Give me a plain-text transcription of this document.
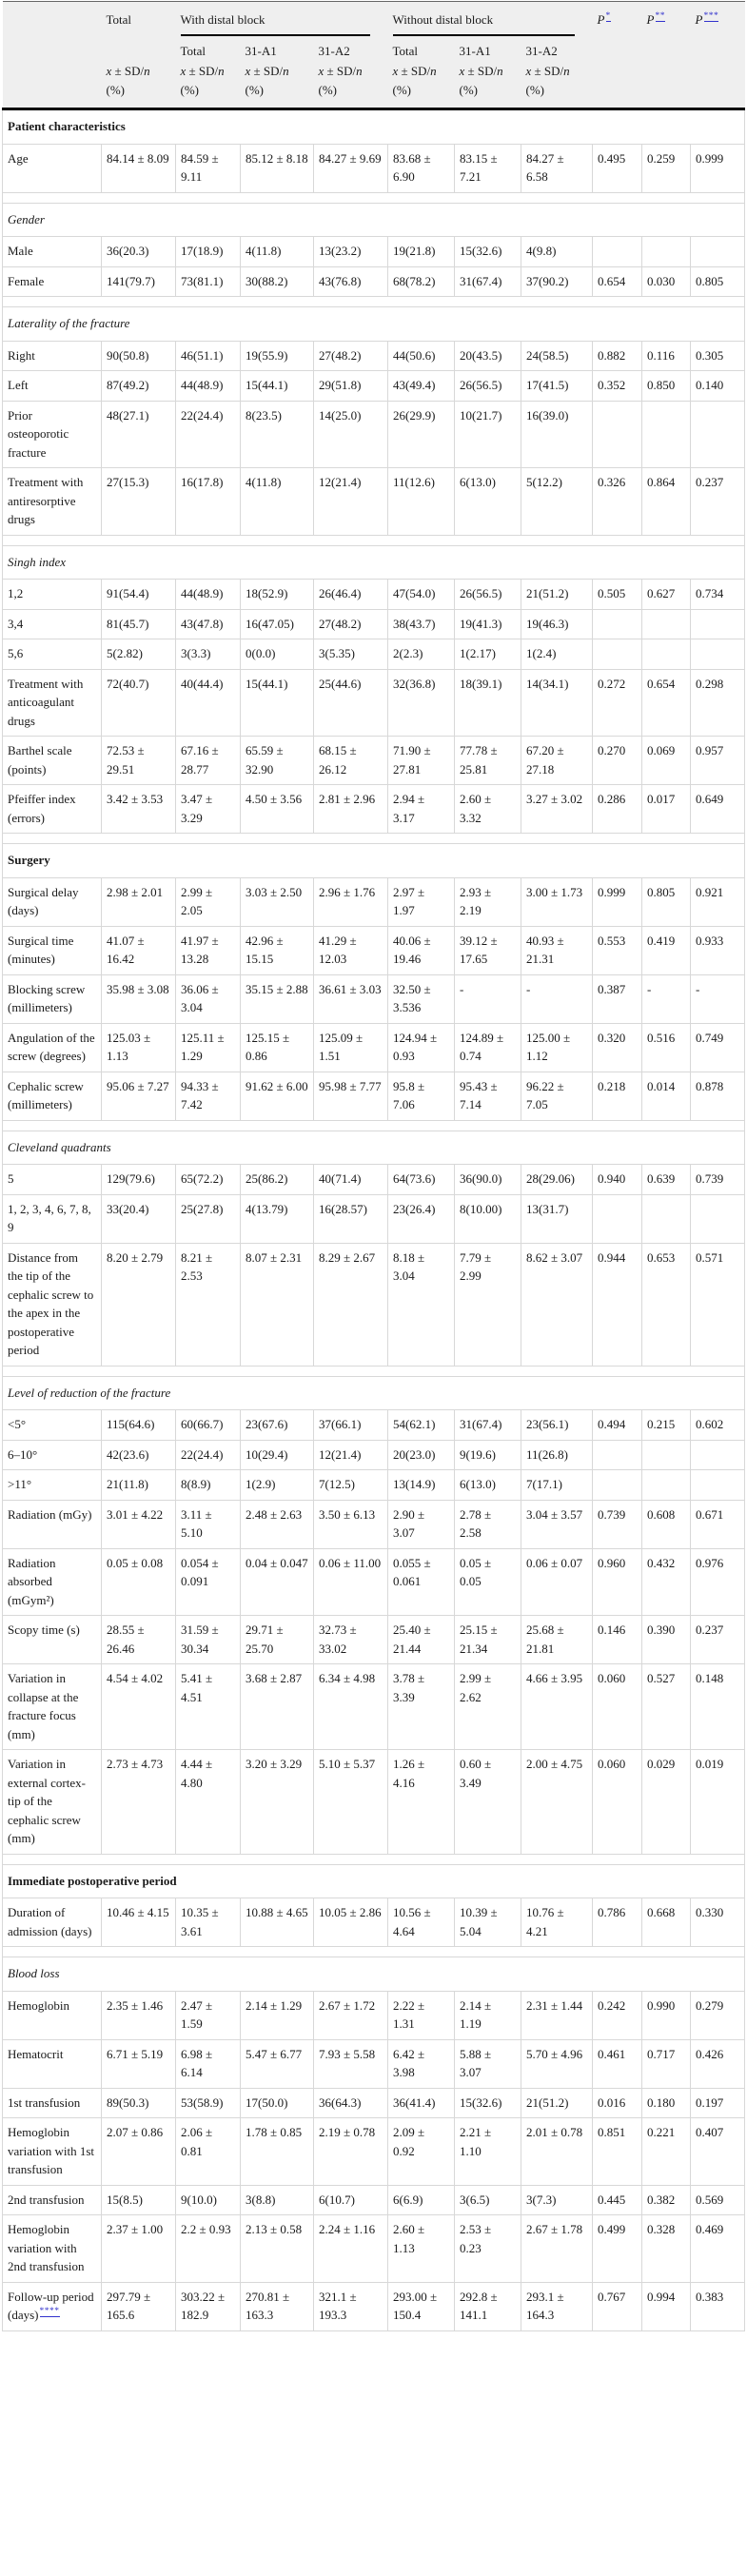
	Total	With distal block			Without distal block			P*	P**	P***
		Total	31-A1	31-A2	Total	31-A1	31-A2			
	x ± SD/n (%)	x ± SD/n (%)	x ± SD/n (%)	x ± SD/n (%)	x ± SD/n (%)	x ± SD/n (%)	x ± SD/n (%)			
Patient characteristics										
Age	84.14 ± 8.09	84.59 ± 9.11	85.12 ± 8.18	84.27 ± 9.69	83.68 ± 6.90	83.15 ± 7.21	84.27 ± 6.58	0.495	0.259	0.999

Gender										
Male	36(20.3)	17(18.9)	4(11.8)	13(23.2)	19(21.8)	15(32.6)	4(9.8)			
Female	141(79.7)	73(81.1)	30(88.2)	43(76.8)	68(78.2)	31(67.4)	37(90.2)	0.654	0.030	0.805

Laterality of the fracture										
Right	90(50.8)	46(51.1)	19(55.9)	27(48.2)	44(50.6)	20(43.5)	24(58.5)	0.882	0.116	0.305
Left	87(49.2)	44(48.9)	15(44.1)	29(51.8)	43(49.4)	26(56.5)	17(41.5)	0.352	0.850	0.140
Prior osteoporotic fracture	48(27.1)	22(24.4)	8(23.5)	14(25.0)	26(29.9)	10(21.7)	16(39.0)			
Treatment with antiresorptive drugs	27(15.3)	16(17.8)	4(11.8)	12(21.4)	11(12.6)	6(13.0)	5(12.2)	0.326	0.864	0.237

Singh index										
1,2	91(54.4)	44(48.9)	18(52.9)	26(46.4)	47(54.0)	26(56.5)	21(51.2)	0.505	0.627	0.734
3,4	81(45.7)	43(47.8)	16(47.05)	27(48.2)	38(43.7)	19(41.3)	19(46.3)			
5,6	5(2.82)	3(3.3)	0(0.0)	3(5.35)	2(2.3)	1(2.17)	1(2.4)			
Treatment with anticoagulant drugs	72(40.7)	40(44.4)	15(44.1)	25(44.6)	32(36.8)	18(39.1)	14(34.1)	0.272	0.654	0.298
Barthel scale (points)	72.53 ± 29.51	67.16 ± 28.77	65.59 ± 32.90	68.15 ± 26.12	71.90 ± 27.81	77.78 ± 25.81	67.20 ± 27.18	0.270	0.069	0.957
Pfeiffer index (errors)	3.42 ± 3.53	3.47 ± 3.29	4.50 ± 3.56	2.81 ± 2.96	2.94 ± 3.17	2.60 ± 3.32	3.27 ± 3.02	0.286	0.017	0.649

Surgery										
Surgical delay (days)	2.98 ± 2.01	2.99 ± 2.05	3.03 ± 2.50	2.96 ± 1.76	2.97 ± 1.97	2.93 ± 2.19	3.00 ± 1.73	0.999	0.805	0.921
Surgical time (minutes)	41.07 ± 16.42	41.97 ± 13.28	42.96 ± 15.15	41.29 ± 12.03	40.06 ± 19.46	39.12 ± 17.65	40.93 ± 21.31	0.553	0.419	0.933
Blocking screw (millimeters)	35.98 ± 3.08	36.06 ± 3.04	35.15 ± 2.88	36.61 ± 3.03	32.50 ± 3.536	-	-	0.387	-	-
Angulation of the screw (degrees)	125.03 ± 1.13	125.11 ± 1.29	125.15 ± 0.86	125.09 ± 1.51	124.94 ± 0.93	124.89 ± 0.74	125.00 ± 1.12	0.320	0.516	0.749
Cephalic screw (millimeters)	95.06 ± 7.27	94.33 ± 7.42	91.62 ± 6.00	95.98 ± 7.77	95.8 ± 7.06	95.43 ± 7.14	96.22 ± 7.05	0.218	0.014	0.878

Cleveland quadrants										
5	129(79.6)	65(72.2)	25(86.2)	40(71.4)	64(73.6)	36(90.0)	28(29.06)	0.940	0.639	0.739
1, 2, 3, 4, 6, 7, 8, 9	33(20.4)	25(27.8)	4(13.79)	16(28.57)	23(26.4)	8(10.00)	13(31.7)			
Distance from the tip of the cephalic screw to the apex in the postoperative period	8.20 ± 2.79	8.21 ± 2.53	8.07 ± 2.31	8.29 ± 2.67	8.18 ± 3.04	7.79 ± 2.99	8.62 ± 3.07	0.944	0.653	0.571

Level of reduction of the fracture										
<5°	115(64.6)	60(66.7)	23(67.6)	37(66.1)	54(62.1)	31(67.4)	23(56.1)	0.494	0.215	0.602
6–10°	42(23.6)	22(24.4)	10(29.4)	12(21.4)	20(23.0)	9(19.6)	11(26.8)			
>11°	21(11.8)	8(8.9)	1(2.9)	7(12.5)	13(14.9)	6(13.0)	7(17.1)			
Radiation (mGy)	3.01 ± 4.22	3.11 ± 5.10	2.48 ± 2.63	3.50 ± 6.13	2.90 ± 3.07	2.78 ± 2.58	3.04 ± 3.57	0.739	0.608	0.671
Radiation absorbed (mGym²)	0.05 ± 0.08	0.054 ± 0.091	0.04 ± 0.047	0.06 ± 11.00	0.055 ± 0.061	0.05 ± 0.05	0.06 ± 0.07	0.960	0.432	0.976
Scopy time (s)	28.55 ± 26.46	31.59 ± 30.34	29.71 ± 25.70	32.73 ± 33.02	25.40 ± 21.44	25.15 ± 21.34	25.68 ± 21.81	0.146	0.390	0.237
Variation in collapse at the fracture focus (mm)	4.54 ± 4.02	5.41 ± 4.51	3.68 ± 2.87	6.34 ± 4.98	3.78 ± 3.39	2.99 ± 2.62	4.66 ± 3.95	0.060	0.527	0.148
Variation in external cortex-tip of the cephalic screw (mm)	2.73 ± 4.73	4.44 ± 4.80	3.20 ± 3.29	5.10 ± 5.37	1.26 ± 4.16	0.60 ± 3.49	2.00 ± 4.75	0.060	0.029	0.019

Immediate postoperative period										
Duration of admission (days)	10.46 ± 4.15	10.35 ± 3.61	10.88 ± 4.65	10.05 ± 2.86	10.56 ± 4.64	10.39 ± 5.04	10.76 ± 4.21	0.786	0.668	0.330

Blood loss										
Hemoglobin	2.35 ± 1.46	2.47 ± 1.59	2.14 ± 1.29	2.67 ± 1.72	2.22 ± 1.31	2.14 ± 1.19	2.31 ± 1.44	0.242	0.990	0.279
Hematocrit	6.71 ± 5.19	6.98 ± 6.14	5.47 ± 6.77	7.93 ± 5.58	6.42 ± 3.98	5.88 ± 3.07	5.70 ± 4.96	0.461	0.717	0.426
1st transfusion	89(50.3)	53(58.9)	17(50.0)	36(64.3)	36(41.4)	15(32.6)	21(51.2)	0.016	0.180	0.197
Hemoglobin variation with 1st transfusion	2.07 ± 0.86	2.06 ± 0.81	1.78 ± 0.85	2.19 ± 0.78	2.09 ± 0.92	2.21 ± 1.10	2.01 ± 0.78	0.851	0.221	0.407
2nd transfusion	15(8.5)	9(10.0)	3(8.8)	6(10.7)	6(6.9)	3(6.5)	3(7.3)	0.445	0.382	0.569
Hemoglobin variation with 2nd transfusion	2.37 ± 1.00	2.2 ± 0.93	2.13 ± 0.58	2.24 ± 1.16	2.60 ± 1.13	2.53 ± 0.23	2.67 ± 1.78	0.499	0.328	0.469
Follow-up period (days)****	297.79 ± 165.6	303.22 ± 182.9	270.81 ± 163.3	321.1 ± 193.3	293.00 ± 150.4	292.8 ± 141.1	293.1 ± 164.3	0.767	0.994	0.383
